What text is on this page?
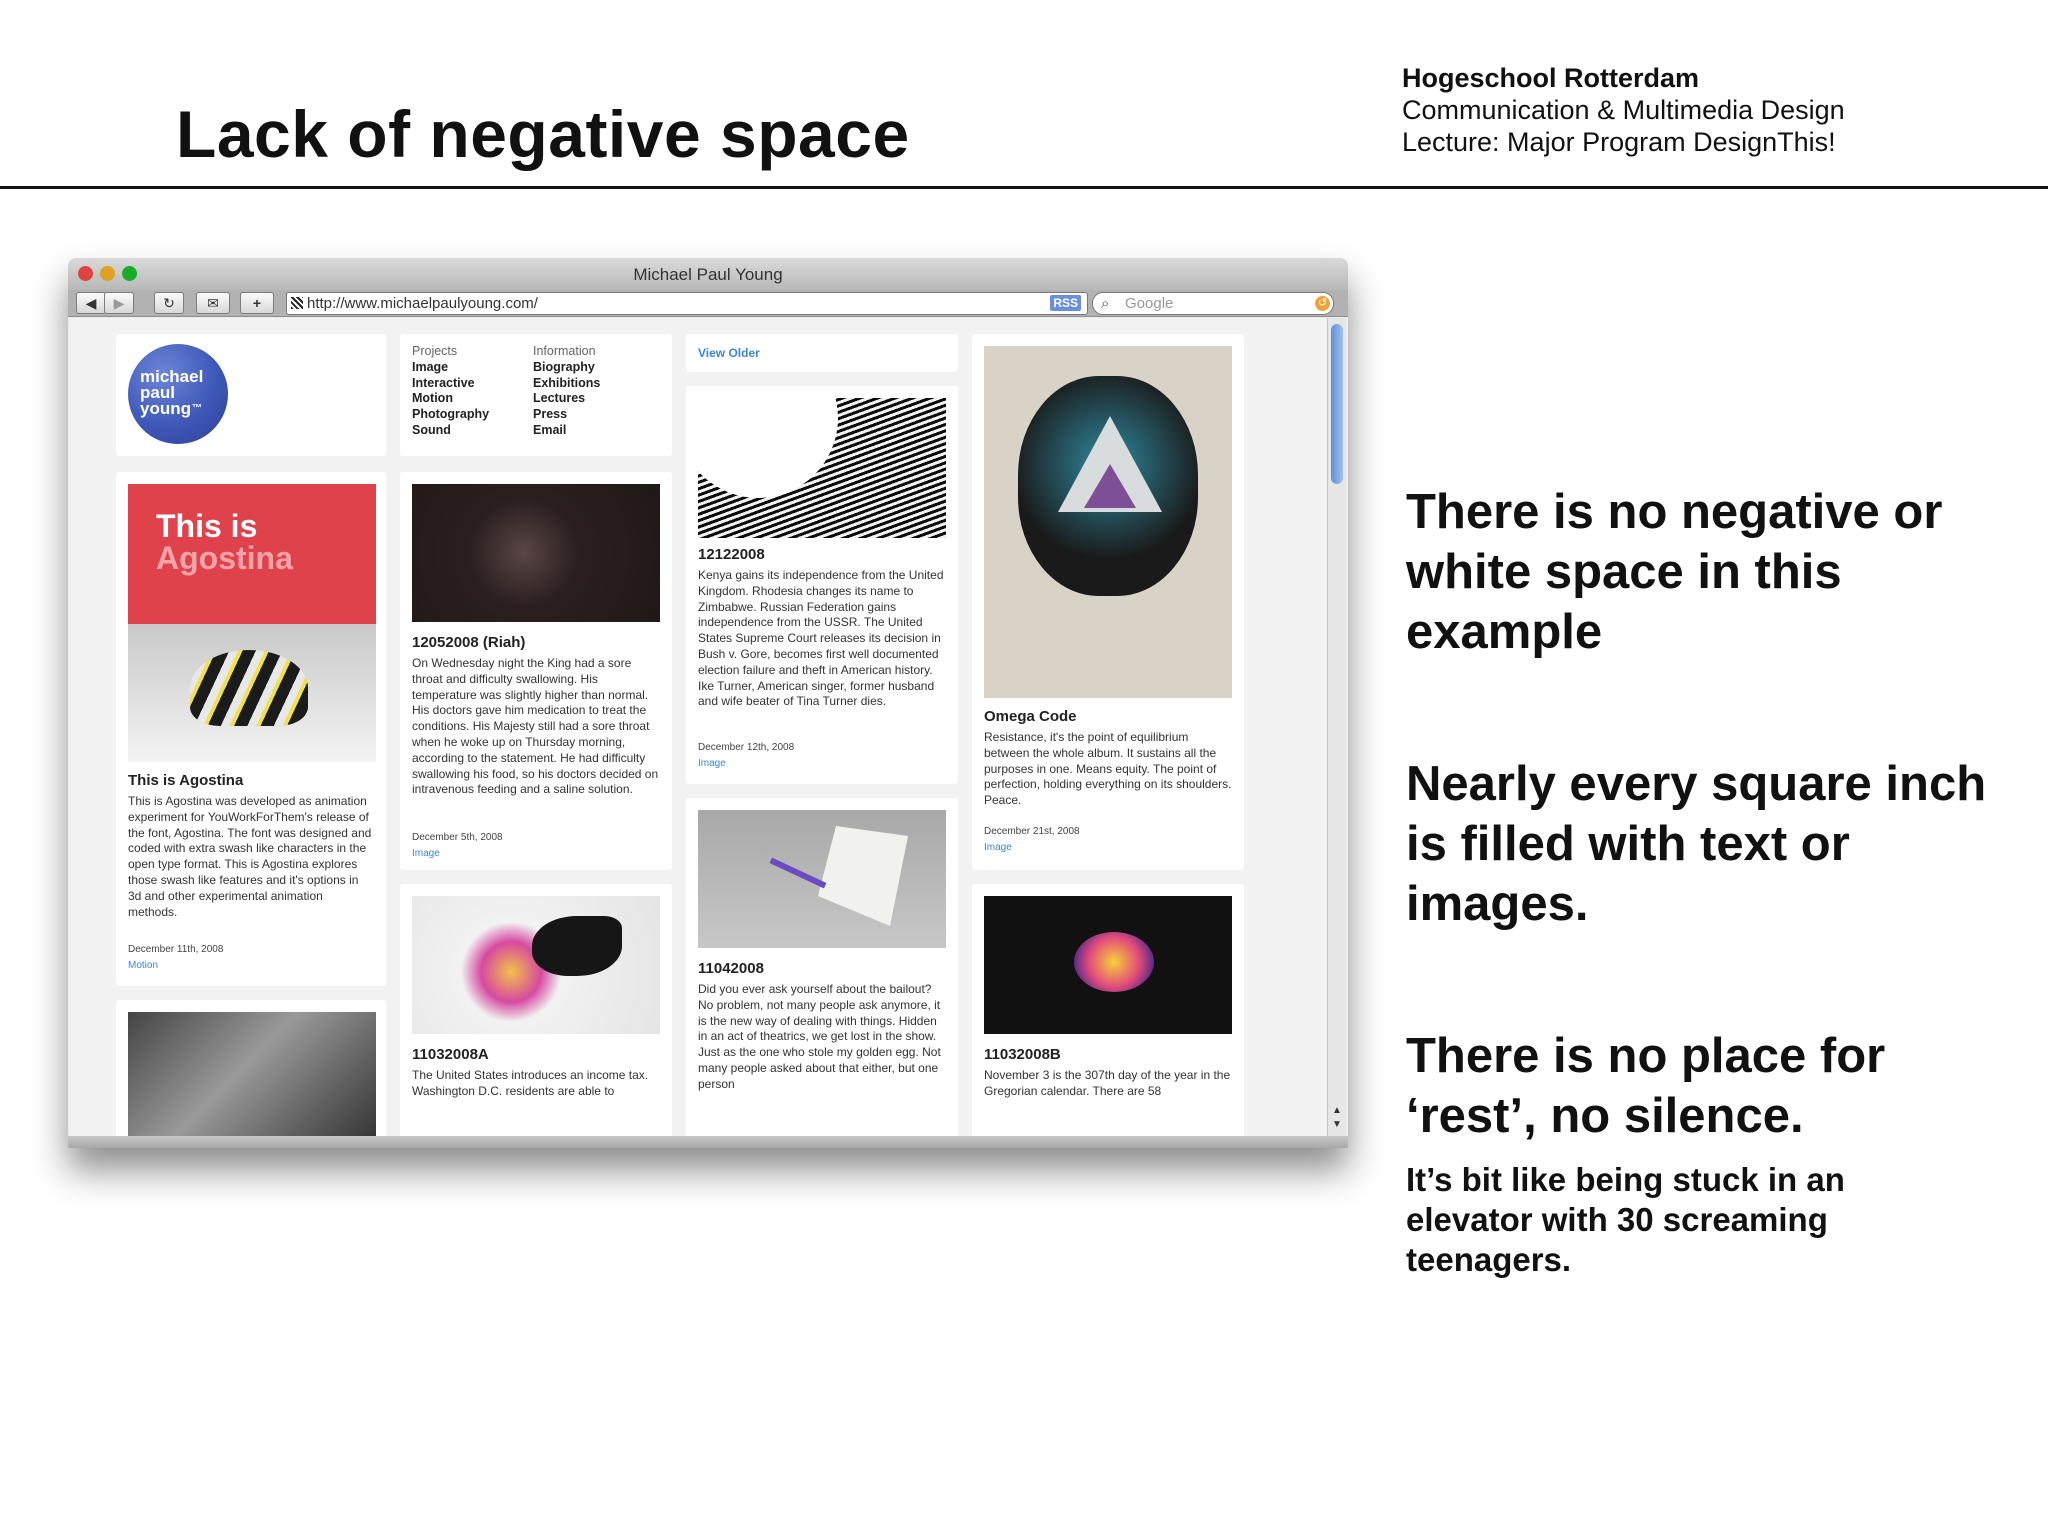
Lack of negative space
Hogeschool Rotterdam
Communication & Multimedia Design
Lecture: Major Program DesignThis!
There is no negative or white space in this example
Nearly every square inch is filled with text or images.
There is no place for ‘rest’, no silence.
It’s bit like being stuck in an elevator with 30 screaming teenagers.
Michael Paul Young
◀	▶	↻	✉	+	http://www.michaelpaulyoung.com/	RSS ⌕ Google	↺
michael
paul
young ™
Projects
Image
Interactive
Motion
Photography
Sound
Information
Biography
Exhibitions
Lectures
Press
Email
View Older
This is
Agostina
This is Agostina
This is Agostina was developed as animation experiment for YouWorkForThem's release of the font, Agostina. The font was designed and coded with extra swash like characters in the open type format. This is Agostina explores those swash like features and it's options in 3d and other experimental animation methods.
December 11th, 2008
Motion
12052008 (Riah)
On Wednesday night the King had a sore throat and difficulty swallowing. His temperature was slightly higher than normal. His doctors gave him medication to treat the conditions. His Majesty still had a sore throat when he woke up on Thursday morning, according to the statement. He had difficulty swallowing his food, so his doctors decided on intravenous feeding and a saline solution.
December 5th, 2008
Image
11032008A
The United States introduces an income tax. Washington D.C. residents are able to
12122008
Kenya gains its independence from the United Kingdom. Rhodesia changes its name to Zimbabwe. Russian Federation gains independence from the USSR. The United States Supreme Court releases its decision in Bush v. Gore, becomes first well documented election failure and theft in American history. Ike Turner, American singer, former husband and wife beater of Tina Turner dies.
December 12th, 2008
Image
11042008
Did you ever ask yourself about the bailout? No problem, not many people ask anymore, it is the new way of dealing with things. Hidden in an act of theatrics, we get lost in the show. Just as the one who stole my golden egg. Not many people asked about that either, but one person
Omega Code
Resistance, it's the point of equilibrium between the whole album. It sustains all the purposes in one. Means equity. The point of perfection, holding everything on its shoulders. Peace.
December 21st, 2008
Image
11032008B
November 3 is the 307th day of the year in the Gregorian calendar. There are 58
▲
▼
